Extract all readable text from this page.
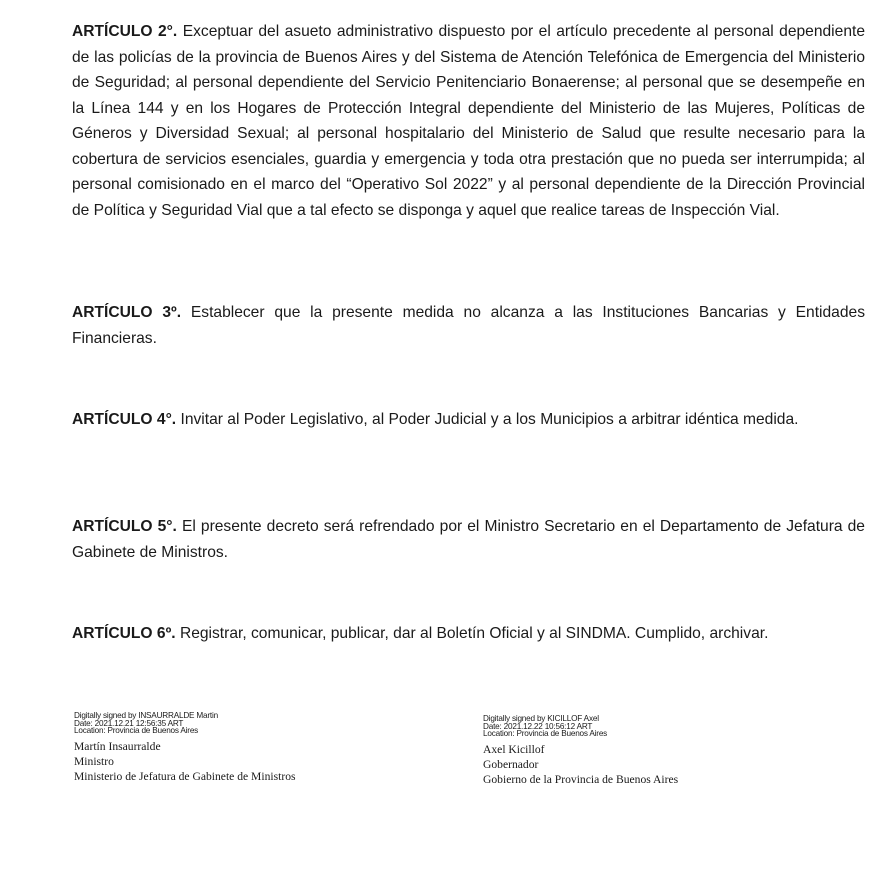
ARTÍCULO 2°. Exceptuar del asueto administrativo dispuesto por el artículo precedente al personal dependiente de las policías de la provincia de Buenos Aires y del Sistema de Atención Telefónica de Emergencia del Ministerio de Seguridad; al personal dependiente del Servicio Penitenciario Bonaerense; al personal que se desempeñe en la Línea 144 y en los Hogares de Protección Integral dependiente del Ministerio de las Mujeres, Políticas de Géneros y Diversidad Sexual; al personal hospitalario del Ministerio de Salud que resulte necesario para la cobertura de servicios esenciales, guardia y emergencia y toda otra prestación que no pueda ser interrumpida; al personal comisionado en el marco del “Operativo Sol 2022” y al personal dependiente de la Dirección Provincial de Política y Seguridad Vial que a tal efecto se disponga y aquel que realice tareas de Inspección Vial.

ARTÍCULO 3º. Establecer que la presente medida no alcanza a las Instituciones Bancarias y Entidades Financieras.

ARTÍCULO 4°. Invitar al Poder Legislativo, al Poder Judicial y a los Municipios a arbitrar idéntica medida.

ARTÍCULO 5°. El presente decreto será refrendado por el Ministro Secretario en el Departamento de Jefatura de Gabinete de Ministros.

ARTÍCULO 6º. Registrar, comunicar, publicar, dar al Boletín Oficial y al SINDMA. Cumplido, archivar.

Digitally signed by INSAURRALDE Martin
Date: 2021.12.21 12:56:35 ART
Location: Provincia de Buenos Aires
Martín Insaurralde
Ministro
Ministerio de Jefatura de Gabinete de Ministros
Digitally signed by KICILLOF Axel
Date: 2021.12.22 10:56:12 ART
Location: Provincia de Buenos Aires
Axel Kicillof
Gobernador
Gobierno de la Provincia de Buenos Aires
